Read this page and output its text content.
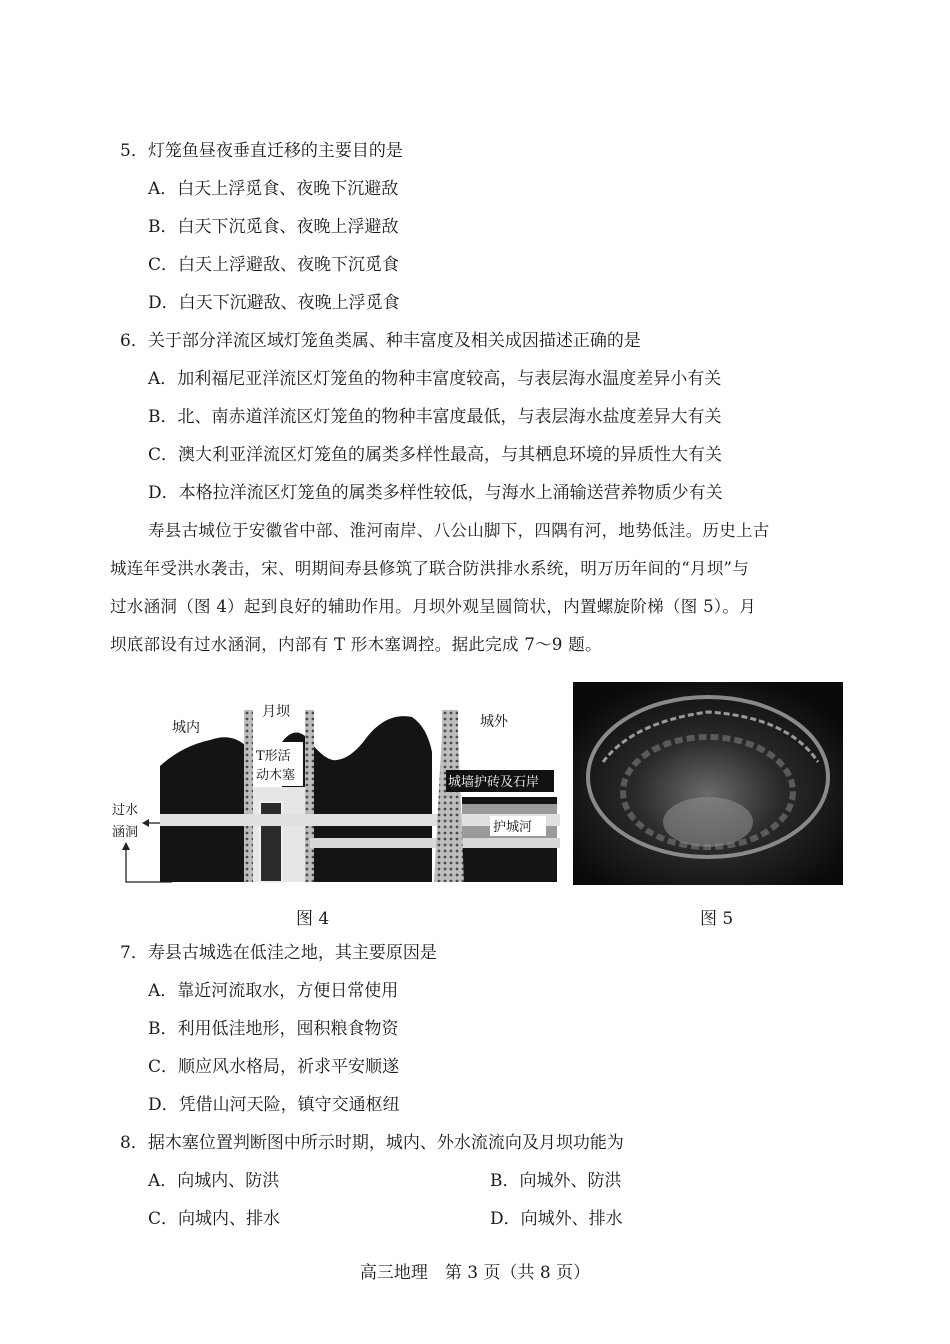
5．灯笼鱼昼夜垂直迁移的主要目的是
A．白天上浮觅食、夜晚下沉避敌
B．白天下沉觅食、夜晚上浮避敌
C．白天上浮避敌、夜晚下沉觅食
D．白天下沉避敌、夜晚上浮觅食
6．关于部分洋流区域灯笼鱼类属、种丰富度及相关成因描述正确的是
A．加利福尼亚洋流区灯笼鱼的物种丰富度较高，与表层海水温度差异小有关
B．北、南赤道洋流区灯笼鱼的物种丰富度最低，与表层海水盐度差异大有关
C．澳大利亚洋流区灯笼鱼的属类多样性最高，与其栖息环境的异质性大有关
D．本格拉洋流区灯笼鱼的属类多样性较低，与海水上涌输送营养物质少有关
寿县古城位于安徽省中部、淮河南岸、八公山脚下，四隅有河，地势低洼。历史上古
城连年受洪水袭击，宋、明期间寿县修筑了联合防洪排水系统，明万历年间的“月坝”与
过水涵洞（图 4）起到良好的辅助作用。月坝外观呈圆筒状，内置螺旋阶梯（图 5）。月
坝底部设有过水涵洞，内部有 T 形木塞调控。据此完成 7～9 题。
城内
月坝
T形活
动木塞
城外
城墙护砖及石岸
护城河
过水
涵洞
图 4	图 5
7．寿县古城选在低洼之地，其主要原因是
A．靠近河流取水，方便日常使用
B．利用低洼地形，囤积粮食物资
C．顺应风水格局，祈求平安顺遂
D．凭借山河天险，镇守交通枢纽
8．据木塞位置判断图中所示时期，城内、外水流流向及月坝功能为
A．向城内、防洪	B．向城外、防洪
C．向城内、排水	D．向城外、排水
高三地理　第 3 页（共 8 页）
